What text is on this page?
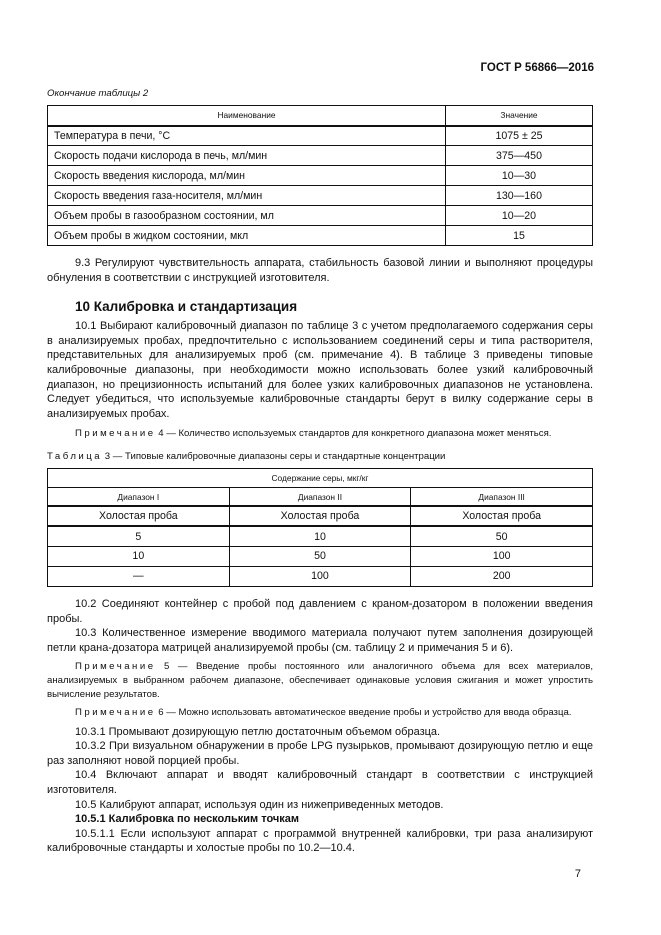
ГОСТ Р 56866—2016
Окончание таблицы 2
Наименование	Значение
Температура в печи, °С	1075 ± 25
Скорость подачи кислорода в печь, мл/мин	375—450
Скорость введения кислорода, мл/мин	10—30
Скорость введения газа-носителя, мл/мин	130—160
Объем пробы в газообразном состоянии, мл	10—20
Объем пробы в жидком состоянии, мкл	15

9.3 Регулируют чувствительность аппарата, стабильность базовой линии и выполняют процедуры обнуления в соответствии с инструкцией изготовителя.

10 Калибровка и стандартизация

10.1 Выбирают калибровочный диапазон по таблице 3 с учетом предполагаемого содержания серы в анализируемых пробах, предпочтительно с использованием соединений серы и типа растворителя, представительных для анализируемых проб (см. примечание 4). В таблице 3 приведены типовые калибровочные диапазоны, при необходимости можно использовать более узкий калибровочный диапазон, но прецизионность испытаний для более узких калибровочных диапазонов не установлена. Следует убедиться, что используемые калибровочные стандарты берут в вилку содержание серы в анализируемых пробах.

Примечание 4 — Количество используемых стандартов для конкретного диапазона может меняться.

Таблица 3 — Типовые калибровочные диапазоны серы и стандартные концентрации
Содержание серы, мкг/кг		
Диапазон I	Диапазон II	Диапазон III
Холостая проба	Холостая проба	Холостая проба
5	10	50
10	50	100
—	100	200

10.2 Соединяют контейнер с пробой под давлением с краном-дозатором в положении введения пробы.

10.3 Количественное измерение вводимого материала получают путем заполнения дозирующей петли крана-дозатора матрицей анализируемой пробы (см. таблицу 2 и примечания 5 и 6).

Примечание 5 — Введение пробы постоянного или аналогичного объема для всех материалов, анализируемых в выбранном рабочем диапазоне, обеспечивает одинаковые условия сжигания и может упростить вычисление результатов.

Примечание 6 — Можно использовать автоматическое введение пробы и устройство для ввода образца.

10.3.1 Промывают дозирующую петлю достаточным объемом образца.

10.3.2 При визуальном обнаружении в пробе LPG пузырьков, промывают дозирующую петлю и еще раз заполняют новой порцией пробы.

10.4 Включают аппарат и вводят калибровочный стандарт в соответствии с инструкцией изготовителя.

10.5 Калибруют аппарат, используя один из нижеприведенных методов.

10.5.1 Калибровка по нескольким точкам

10.5.1.1 Если используют аппарат с программой внутренней калибровки, три раза анализируют калибровочные стандарты и холостые пробы по 10.2—10.4.

7
